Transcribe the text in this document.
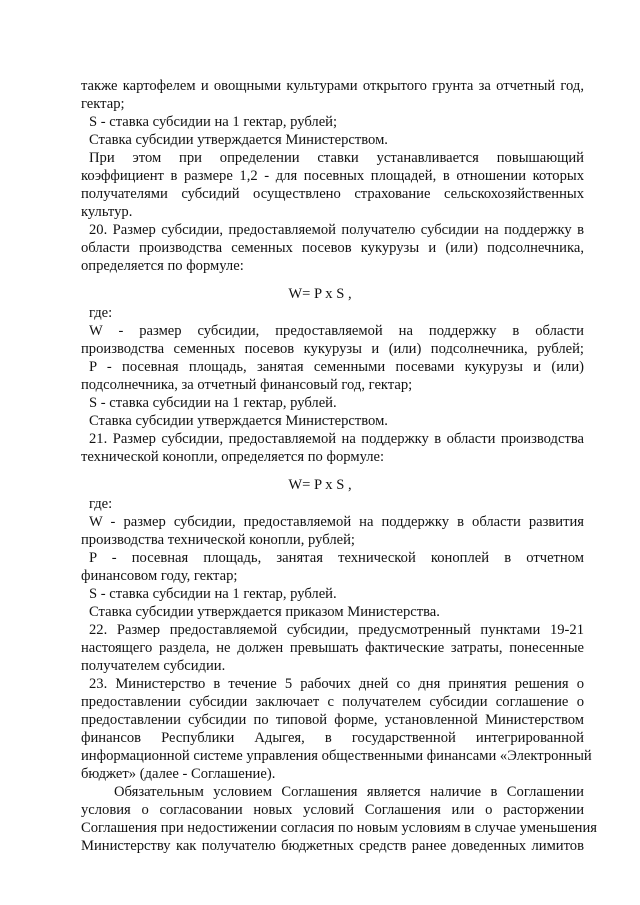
также картофелем и овощными культурами открытого грунта за отчетный год,
гектар;
S - ставка субсидии на 1 гектар, рублей;
Ставка субсидии утверждается Министерством.
При этом при определении ставки устанавливается повышающий
коэффициент в размере 1,2 - для посевных площадей, в отношении которых
получателями субсидий осуществлено страхование сельскохозяйственных
культур.
20. Размер субсидии, предоставляемой получателю субсидии на поддержку в
области производства семенных посевов кукурузы и (или) подсолнечника,
определяется по формуле:
W= P x S ,
где:
W - размер субсидии, предоставляемой на поддержку в области
производства семенных посевов кукурузы и (или) подсолнечника, рублей;
P - посевная площадь, занятая семенными посевами кукурузы и (или)
подсолнечника, за отчетный финансовый год, гектар;
S - ставка субсидии на 1 гектар, рублей.
Ставка субсидии утверждается Министерством.
21. Размер субсидии, предоставляемой на поддержку в области производства
технической конопли, определяется по формуле:
W= P x S ,
где:
W - размер субсидии, предоставляемой на поддержку в области развития
производства технической конопли, рублей;
P - посевная площадь, занятая технической коноплей в отчетном
финансовом году, гектар;
S - ставка субсидии на 1 гектар, рублей.
Ставка субсидии утверждается приказом Министерства.
22. Размер предоставляемой субсидии, предусмотренный пунктами 19-21
настоящего раздела, не должен превышать фактические затраты, понесенные
получателем субсидии.
23. Министерство в течение 5 рабочих дней со дня принятия решения о
предоставлении субсидии заключает с получателем субсидии соглашение о
предоставлении субсидии по типовой форме, установленной Министерством
финансов Республики Адыгея, в государственной интегрированной
информационной системе управления общественными финансами «Электронный
бюджет» (далее - Соглашение).
Обязательным условием Соглашения является наличие в Соглашении
условия о согласовании новых условий Соглашения или о расторжении
Соглашения при недостижении согласия по новым условиям в случае уменьшения
Министерству как получателю бюджетных средств ранее доведенных лимитов
